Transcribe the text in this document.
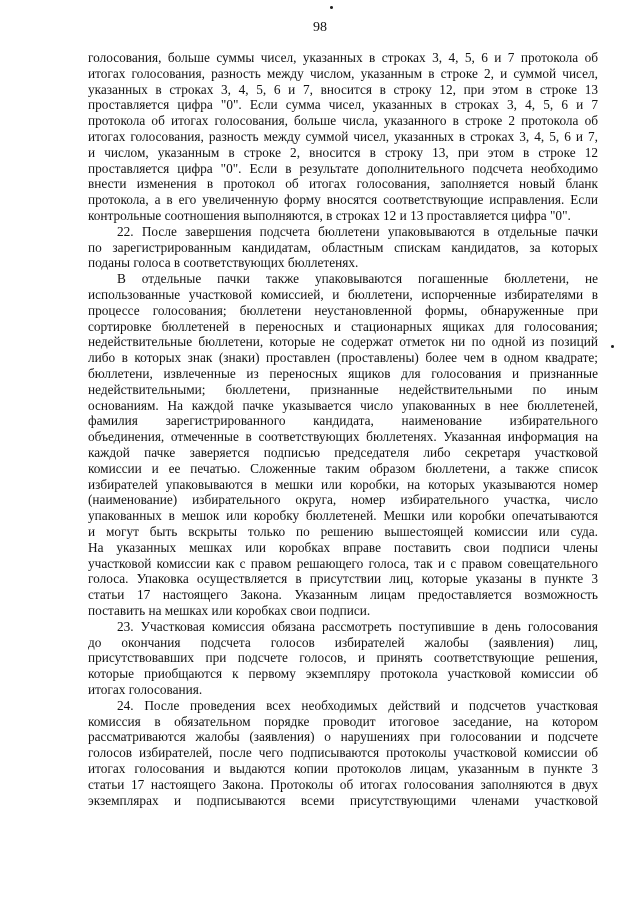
98
голосования, больше суммы чисел, указанных в строках 3, 4, 5, 6 и 7 протокола об
итогах голосования, разность между числом, указанным в строке 2, и суммой чисел,
указанных в строках 3, 4, 5, 6 и 7, вносится в строку 12, при этом в строке 13
проставляется цифра "0". Если сумма чисел, указанных в строках 3, 4, 5, 6 и 7
протокола об итогах голосования, больше числа, указанного в строке 2 протокола об
итогах голосования, разность между суммой чисел, указанных в строках 3, 4, 5, 6 и 7,
и числом, указанным в строке 2, вносится в строку 13, при этом в строке 12
проставляется цифра "0". Если в результате дополнительного подсчета необходимо
внести изменения в протокол об итогах голосования, заполняется новый бланк
протокола, а в его увеличенную форму вносятся соответствующие исправления. Если
контрольные соотношения выполняются, в строках 12 и 13 проставляется цифра "0".
22. После завершения подсчета бюллетени упаковываются в отдельные пачки
по зарегистрированным кандидатам, областным спискам кандидатов, за которых
поданы голоса в соответствующих бюллетенях.
В отдельные пачки также упаковываются погашенные бюллетени, не
использованные участковой комиссией, и бюллетени, испорченные избирателями в
процессе голосования; бюллетени неустановленной формы, обнаруженные при
сортировке бюллетеней в переносных и стационарных ящиках для голосования;
недействительные бюллетени, которые не содержат отметок ни по одной из позиций
либо в которых знак (знаки) проставлен (проставлены) более чем в одном квадрате;
бюллетени, извлеченные из переносных ящиков для голосования и признанные
недействительными; бюллетени, признанные недействительными по иным
основаниям. На каждой пачке указывается число упакованных в нее бюллетеней,
фамилия зарегистрированного кандидата, наименование избирательного
объединения, отмеченные в соответствующих бюллетенях. Указанная информация на
каждой пачке заверяется подписью председателя либо секретаря участковой
комиссии и ее печатью. Сложенные таким образом бюллетени, а также список
избирателей упаковываются в мешки или коробки, на которых указываются номер
(наименование) избирательного округа, номер избирательного участка, число
упакованных в мешок или коробку бюллетеней. Мешки или коробки опечатываются
и могут быть вскрыты только по решению вышестоящей комиссии или суда.
На указанных мешках или коробках вправе поставить свои подписи члены
участковой комиссии как с правом решающего голоса, так и с правом совещательного
голоса. Упаковка осуществляется в присутствии лиц, которые указаны в пункте 3
статьи 17 настоящего Закона. Указанным лицам предоставляется возможность
поставить на мешках или коробках свои подписи.
23. Участковая комиссия обязана рассмотреть поступившие в день голосования
до окончания подсчета голосов избирателей жалобы (заявления) лиц,
присутствовавших при подсчете голосов, и принять соответствующие решения,
которые приобщаются к первому экземпляру протокола участковой комиссии об
итогах голосования.
24. После проведения всех необходимых действий и подсчетов участковая
комиссия в обязательном порядке проводит итоговое заседание, на котором
рассматриваются жалобы (заявления) о нарушениях при голосовании и подсчете
голосов избирателей, после чего подписываются протоколы участковой комиссии об
итогах голосования и выдаются копии протоколов лицам, указанным в пункте 3
статьи 17 настоящего Закона. Протоколы об итогах голосования заполняются в двух
экземплярах и подписываются всеми присутствующими членами участковой
